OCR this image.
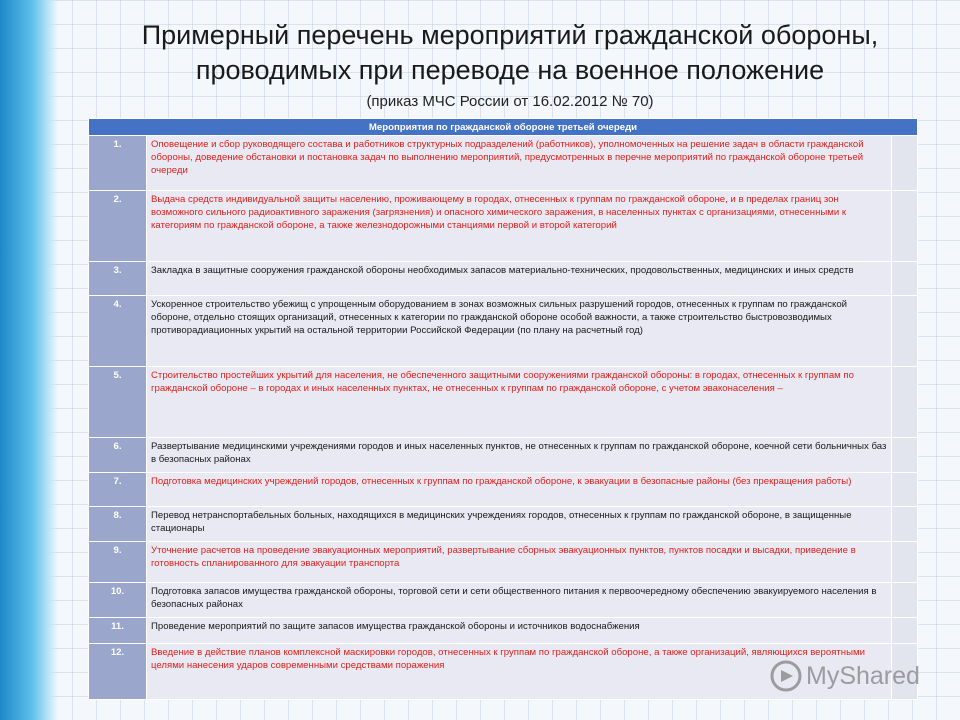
Примерный перечень мероприятий гражданской обороны,
проводимых при переводе на военное положение
(приказ МЧС России от 16.02.2012 № 70)
Мероприятия по гражданской обороне третьей очереди		
1.	Оповещение и сбор руководящего состава и работников структурных подразделений (работников), уполномоченных на решение задач в области гражданской обороны, доведение обстановки и постановка задач по выполнению мероприятий, предусмотренных в перечне мероприятий по гражданской обороне третьей очереди	
2.	Выдача средств индивидуальной защиты населению, проживающему в городах, отнесенных к группам по гражданской обороне, и в пределах границ зон возможного сильного радиоактивного заражения (загрязнения) и опасного химического заражения, в населенных пунктах с организациями, отнесенными к категориям по гражданской обороне, а также железнодорожными станциями первой и второй категорий	
3.	Закладка в защитные сооружения гражданской обороны необходимых запасов материально-технических, продовольственных, медицинских и иных средств	
4.	Ускоренное строительство убежищ с упрощенным оборудованием в зонах возможных сильных разрушений городов, отнесенных к группам по гражданской обороне, отдельно стоящих организаций, отнесенных к категории по гражданской обороне особой важности, а также строительство быстровозводимых противорадиационных укрытий на остальной территории Российской Федерации (по плану на расчетный год)	
5.	Строительство простейших укрытий для населения, не обеспеченного защитными сооружениями гражданской обороны: в городах, отнесенных к группам по гражданской обороне – в городах и иных населенных пунктах, не отнесенных к группам по гражданской обороне, с учетом эваконаселения –	
6.	Развертывание медицинскими учреждениями городов и иных населенных пунктов, не отнесенных к группам по гражданской обороне, коечной сети больничных баз в безопасных районах	
7.	Подготовка медицинских учреждений городов, отнесенных к группам по гражданской обороне, к эвакуации в безопасные районы (без прекращения работы)	
8.	Перевод нетранспортабельных больных, находящихся в медицинских учреждениях городов, отнесенных к группам по гражданской обороне, в защищенные стационары	
9.	Уточнение расчетов на проведение эвакуационных мероприятий, развертывание сборных эвакуационных пунктов, пунктов посадки и высадки, приведение в готовность спланированного для эвакуации транспорта	
10.	Подготовка запасов имущества гражданской обороны, торговой сети и сети общественного питания к первоочередному обеспечению эвакуируемого населения в безопасных районах	
11.	Проведение мероприятий по защите запасов имущества гражданской обороны и источников водоснабжения	
12.	Введение в действие планов комплексной маскировки городов, отнесенных к группам по гражданской обороне, а также организаций, являющихся вероятными целями нанесения ударов современными средствами поражения		MyShared
